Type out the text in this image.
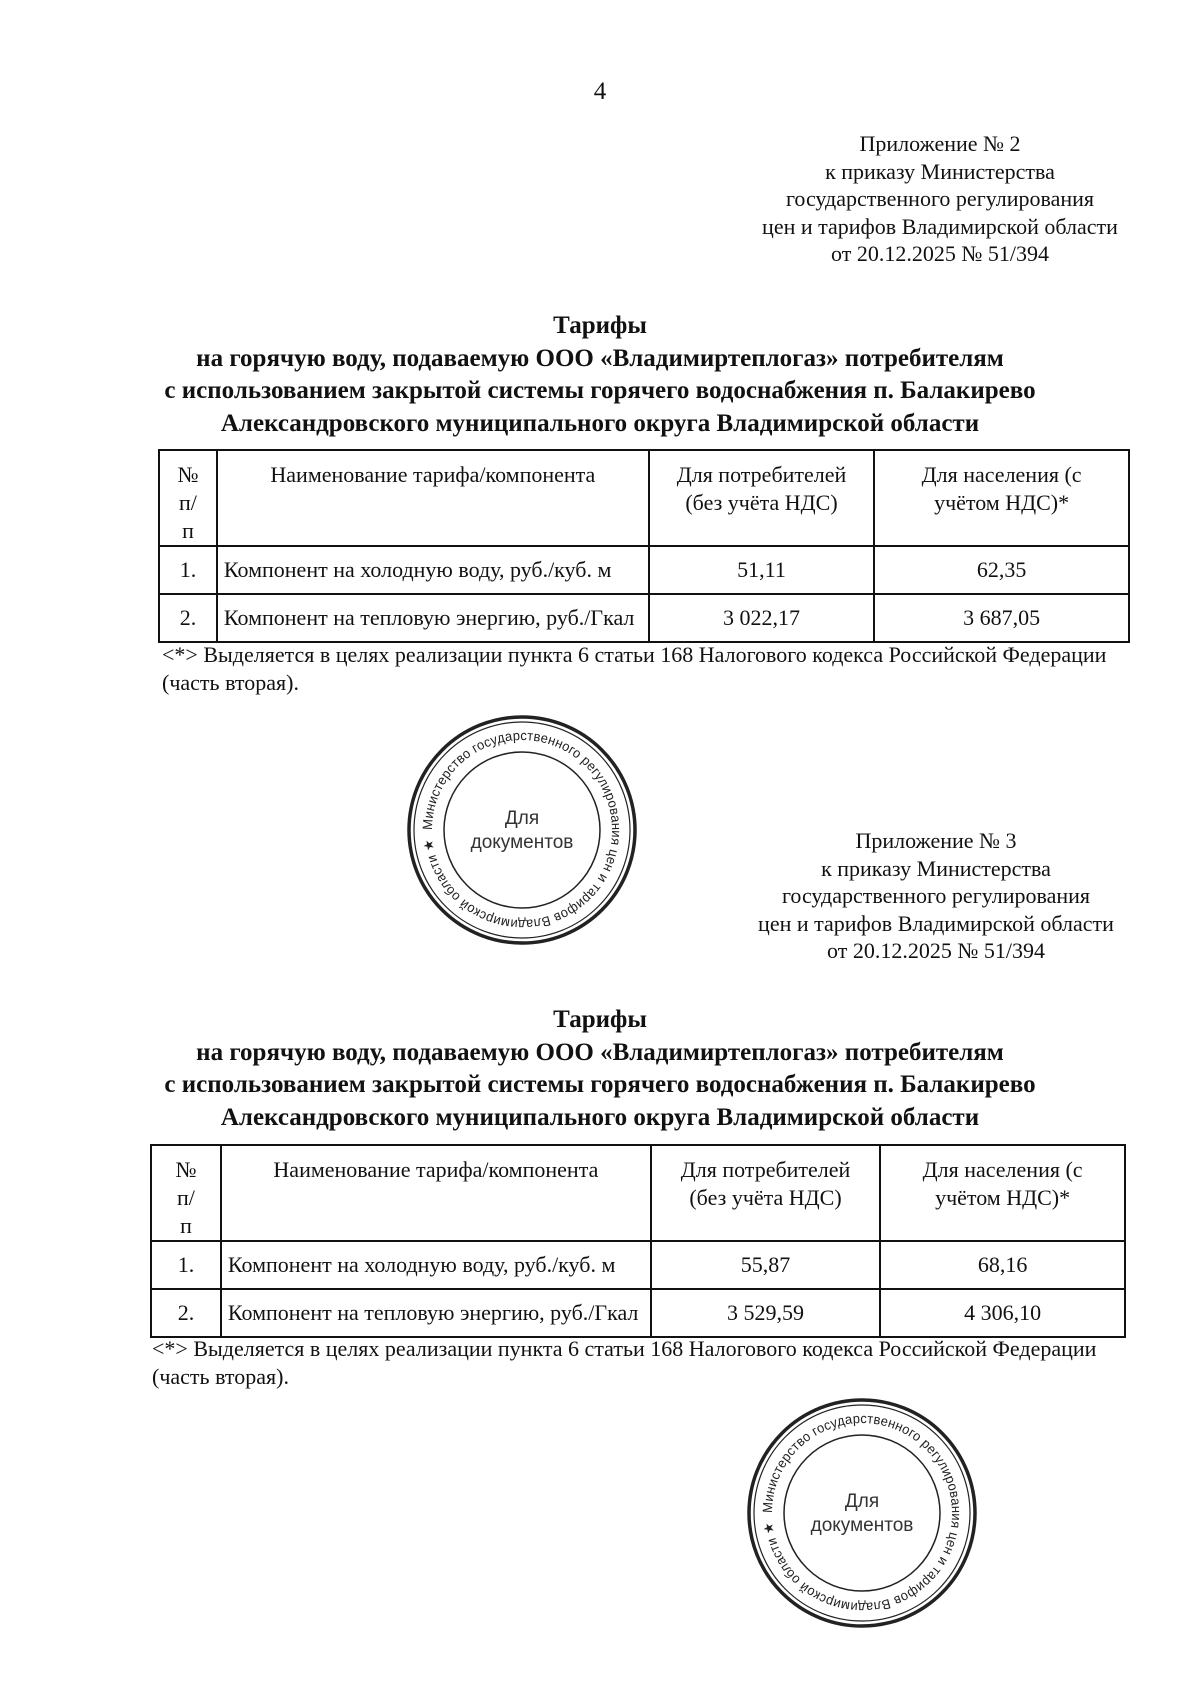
4
Приложение № 2
к приказу Министерства
государственного регулирования
цен и тарифов Владимирской области
от 20.12.2025 № 51/394
Тарифы
на горячую воду, подаваемую ООО «Владимиртеплогаз» потребителям
с использованием закрытой системы горячего водоснабжения п. Балакирево
Александровского муниципального округа Владимирской области
№ п/п	Наименование тарифа/компонента	Для потребителей (без учёта НДС)	Для населения (с учётом НДС)*
1.	Компонент на холодную воду, руб./куб. м	51,11	62,35
2.	Компонент на тепловую энергию, руб./Гкал	3 022,17	3 687,05
<*> Выделяется в целях реализации пункта 6 статьи 168 Налогового кодекса Российской Федерации (часть вторая).
Приложение № 3
к приказу Министерства
государственного регулирования
цен и тарифов Владимирской области
от 20.12.2025 № 51/394
Тарифы
на горячую воду, подаваемую ООО «Владимиртеплогаз» потребителям
с использованием закрытой системы горячего водоснабжения п. Балакирево
Александровского муниципального округа Владимирской области
№ п/п	Наименование тарифа/компонента	Для потребителей (без учёта НДС)	Для населения (с учётом НДС)*
1.	Компонент на холодную воду, руб./куб. м	55,87	68,16
2.	Компонент на тепловую энергию, руб./Гкал	3 529,59	4 306,10
<*> Выделяется в целях реализации пункта 6 статьи 168 Налогового кодекса Российской Федерации (часть вторая).
Министерство государственного регулирования цен и тарифов Владимирской области ★
Для
документов
Министерство государственного регулирования цен и тарифов Владимирской области ★
Для
документов
